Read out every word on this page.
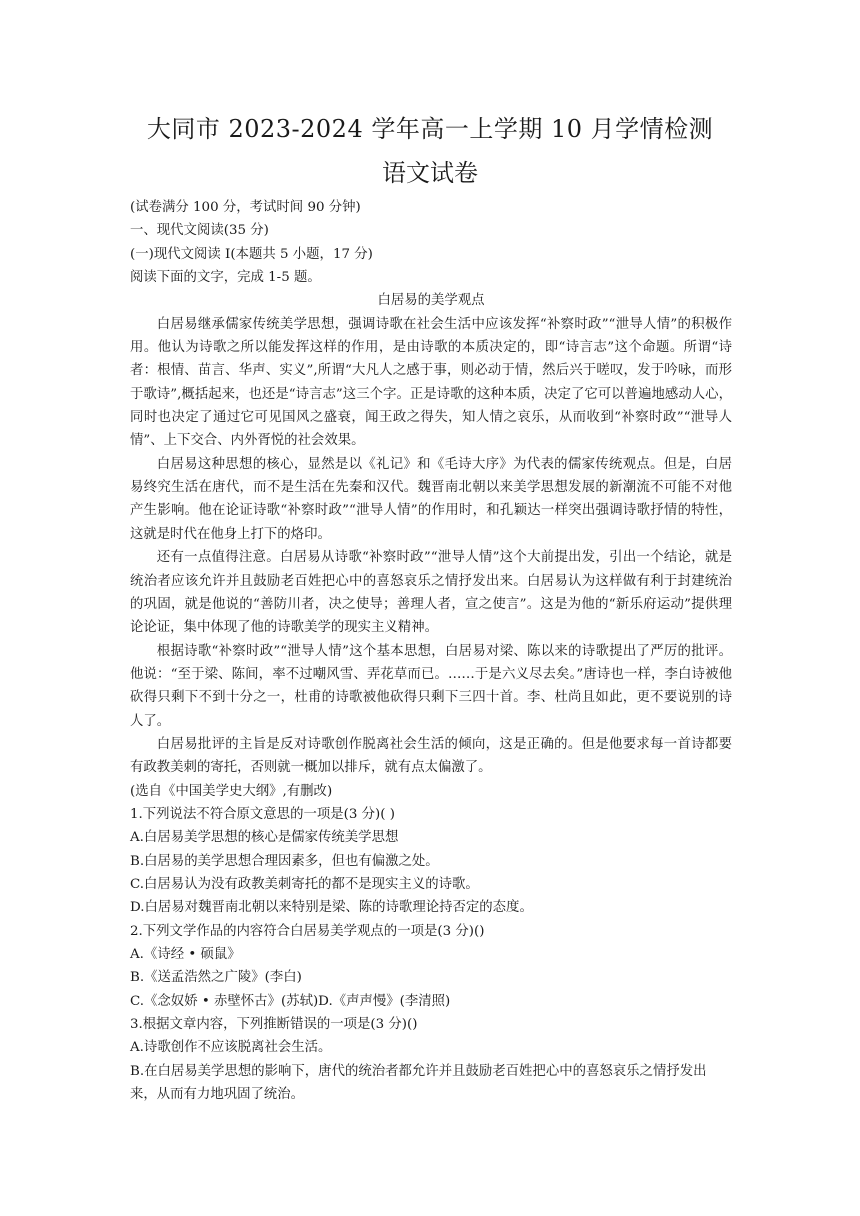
大同市 2023-2024 学年高一上学期 10 月学情检测
语文试卷

(试卷满分 100 分，考试时间 90 分钟)

一、现代文阅读(35 分)

(一)现代文阅读 I(本题共 5 小题，17 分)

阅读下面的文字，完成 1-5 题。

白居易的美学观点

白居易继承儒家传统美学思想，强调诗歌在社会生活中应该发挥“补察时政”“泄导人情”的积极作用。他认为诗歌之所以能发挥这样的作用，是由诗歌的本质决定的，即“诗言志”这个命题。所谓“诗者：根情、苗言、华声、实义”,所谓“大凡人之感于事，则必动于情，然后兴于嗟叹，发于吟咏，而形于歌诗”,概括起来，也还是“诗言志”这三个字。正是诗歌的这种本质，决定了它可以普遍地感动人心，同时也决定了通过它可见国风之盛衰，闻王政之得失，知人情之哀乐，从而收到“补察时政”“泄导人情”、上下交合、内外胥悦的社会效果。

白居易这种思想的核心，显然是以《礼记》和《毛诗大序》为代表的儒家传统观点。但是，白居易终究生活在唐代，而不是生活在先秦和汉代。魏晋南北朝以来美学思想发展的新潮流不可能不对他产生影响。他在论证诗歌“补察时政”“泄导人情”的作用时，和孔颖达一样突出强调诗歌抒情的特性，这就是时代在他身上打下的烙印。

还有一点值得注意。白居易从诗歌“补察时政”“泄导人情”这个大前提出发，引出一个结论，就是统治者应该允许并且鼓励老百姓把心中的喜怒哀乐之情抒发出来。白居易认为这样做有利于封建统治的巩固，就是他说的“善防川者，决之使导；善理人者，宣之使言”。这是为他的“新乐府运动”提供理论论证，集中体现了他的诗歌美学的现实主义精神。

根据诗歌“补察时政”“泄导人情”这个基本思想，白居易对梁、陈以来的诗歌提出了严厉的批评。他说：“至于梁、陈间，率不过嘲风雪、弄花草而已。……于是六义尽去矣。”唐诗也一样，李白诗被他砍得只剩下不到十分之一，杜甫的诗歌被他砍得只剩下三四十首。李、杜尚且如此，更不要说别的诗人了。

白居易批评的主旨是反对诗歌创作脱离社会生活的倾向，这是正确的。但是他要求每一首诗都要有政教美刺的寄托，否则就一概加以排斥，就有点太偏激了。

(选自《中国美学史大纲》,有删改)

1.下列说法不符合原文意思的一项是(3 分)( )

A.白居易美学思想的核心是儒家传统美学思想

B.白居易的美学思想合理因素多，但也有偏激之处。

C.白居易认为没有政教美刺寄托的都不是现实主义的诗歌。

D.白居易对魏晋南北朝以来特别是梁、陈的诗歌理论持否定的态度。

2.下列文学作品的内容符合白居易美学观点的一项是(3 分)()

A.《诗经 • 硕鼠》

B.《送孟浩然之广陵》(李白)

C.《念奴娇 • 赤壁怀古》(苏轼)D.《声声慢》(李清照)

3.根据文章内容，下列推断错误的一项是(3 分)()

A.诗歌创作不应该脱离社会生活。

B.在白居易美学思想的影响下，唐代的统治者都允许并且鼓励老百姓把心中的喜怒哀乐之情抒发出来，从而有力地巩固了统治。
